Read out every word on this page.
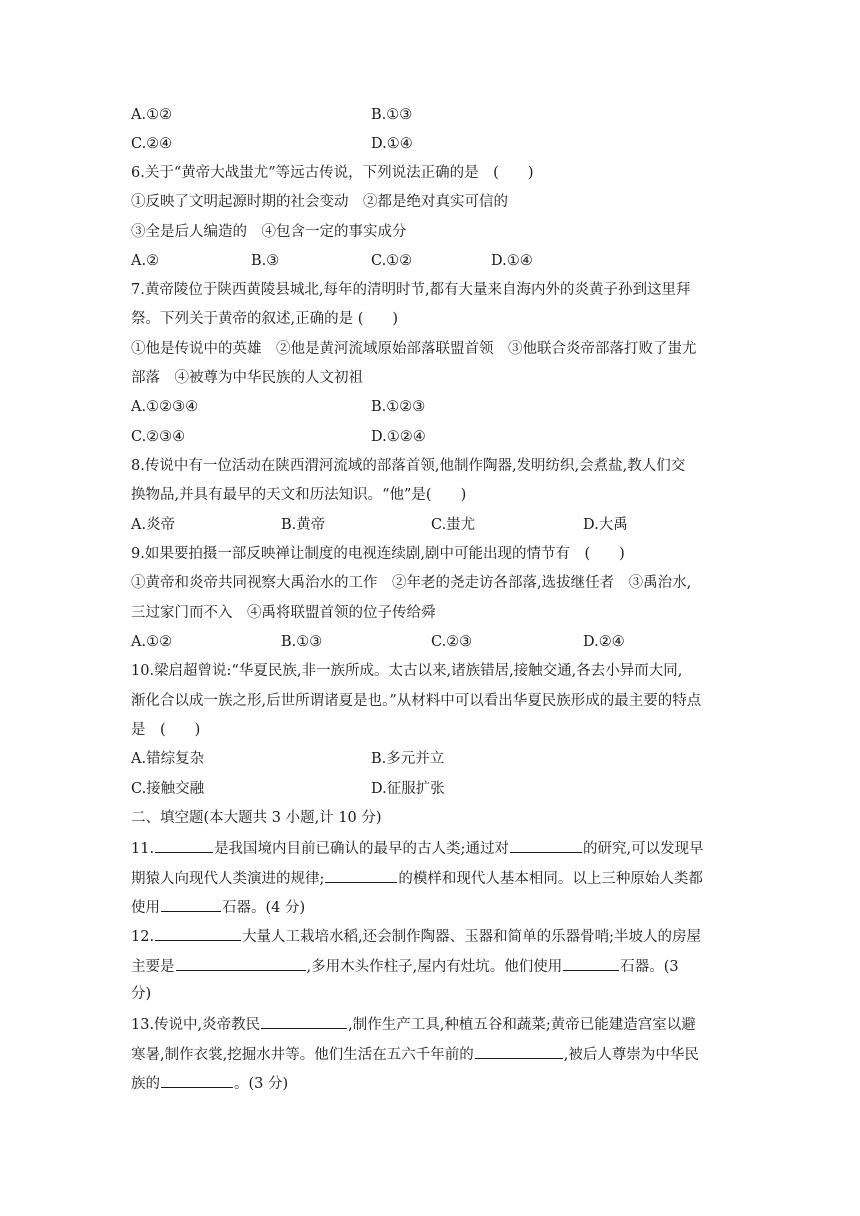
A.①②	B.①③
C.②④	D.①④
6.关于“黄帝大战蚩尤”等远古传说，下列说法正确的是　(　　)
①反映了文明起源时期的社会变动　②都是绝对真实可信的
③全是后人编造的　④包含一定的事实成分
A.②	B.③	C.①②	D.①④
7.黄帝陵位于陕西黄陵县城北,每年的清明时节,都有大量来自海内外的炎黄子孙到这里拜
祭。下列关于黄帝的叙述,正确的是 (　　)
①他是传说中的英雄　②他是黄河流域原始部落联盟首领　③他联合炎帝部落打败了蚩尤
部落　④被尊为中华民族的人文初祖
A.①②③④	B.①②③
C.②③④	D.①②④
8.传说中有一位活动在陕西渭河流域的部落首领,他制作陶器,发明纺织,会煮盐,教人们交
换物品,并具有最早的天文和历法知识。“他”是(　　)
A.炎帝	B.黄帝	C.蚩尤	D.大禹
9.如果要拍摄一部反映禅让制度的电视连续剧,剧中可能出现的情节有　(　　)
①黄帝和炎帝共同视察大禹治水的工作　②年老的尧走访各部落,选拔继任者　③禹治水,
三过家门而不入　④禹将联盟首领的位子传给舜
A.①②	B.①③	C.②③	D.②④
10.梁启超曾说:“华夏民族,非一族所成。太古以来,诸族错居,接触交通,各去小异而大同,
渐化合以成一族之形,后世所谓诸夏是也。”从材料中可以看出华夏民族形成的最主要的特点
是　(　　)
A.错综复杂	B.多元并立
C.接触交融	D.征服扩张
二、填空题(本大题共 3 小题,计 10 分)
11.	是我国境内目前已确认的最早的古人类;通过对	的研究,可以发现早
期猿人向现代人类演进的规律;	的模样和现代人基本相同。以上三种原始人类都
使用	石器。(4 分)
12.	大量人工栽培水稻,还会制作陶器、玉器和简单的乐器骨哨;半坡人的房屋
主要是	,多用木头作柱子,屋内有灶坑。他们使用	石器。(3
分)
13.传说中,炎帝教民	,制作生产工具,种植五谷和蔬菜;黄帝已能建造宫室以避
寒暑,制作衣裳,挖掘水井等。他们生活在五六千年前的	,被后人尊崇为中华民
族的	。(3 分)
